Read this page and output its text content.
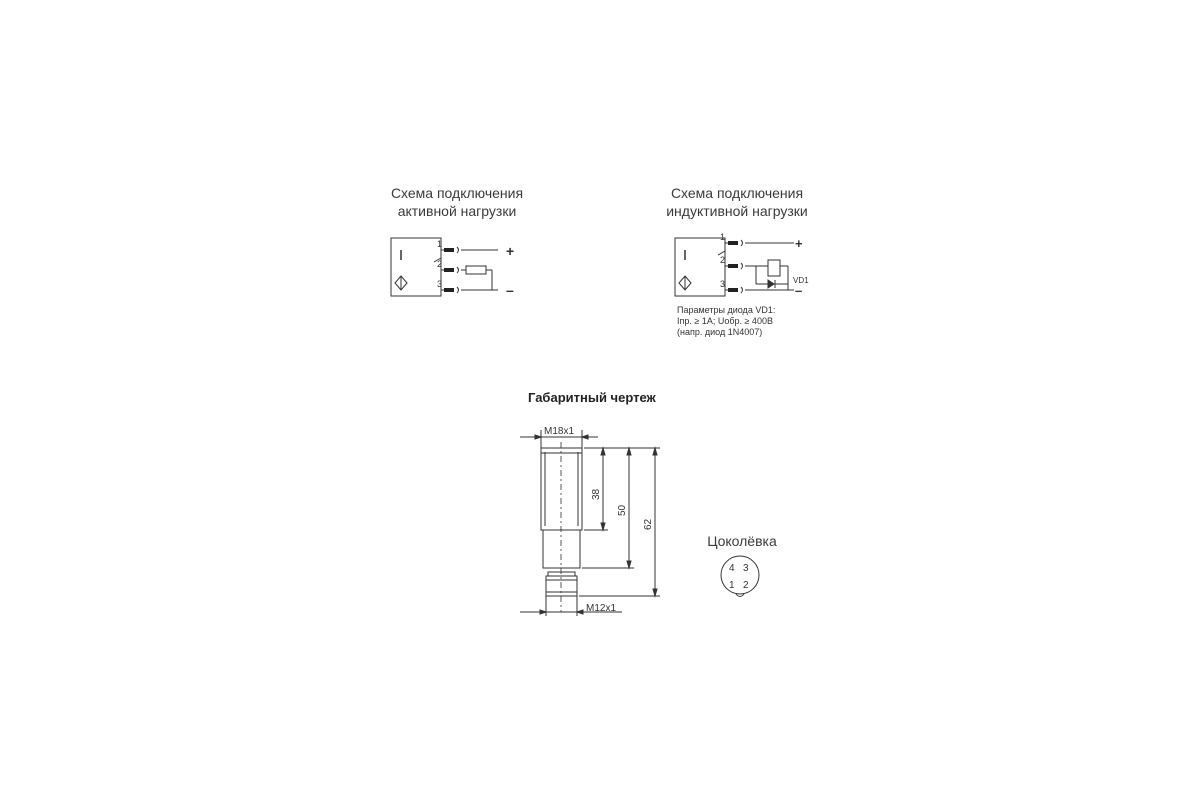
Схема подключения
активной нагрузки
Схема подключения
индуктивной нагрузки
Параметры диода VD1:
Iпр. ≥ 1A; Uобр. ≥ 400B
(напр. диод 1N4007)
Габаритный чертеж
Цоколёвка
1
2
3
+
–
1
2
3
+
–
VD1
M18x1
M12x1
38
50
62
4 3
1 2
